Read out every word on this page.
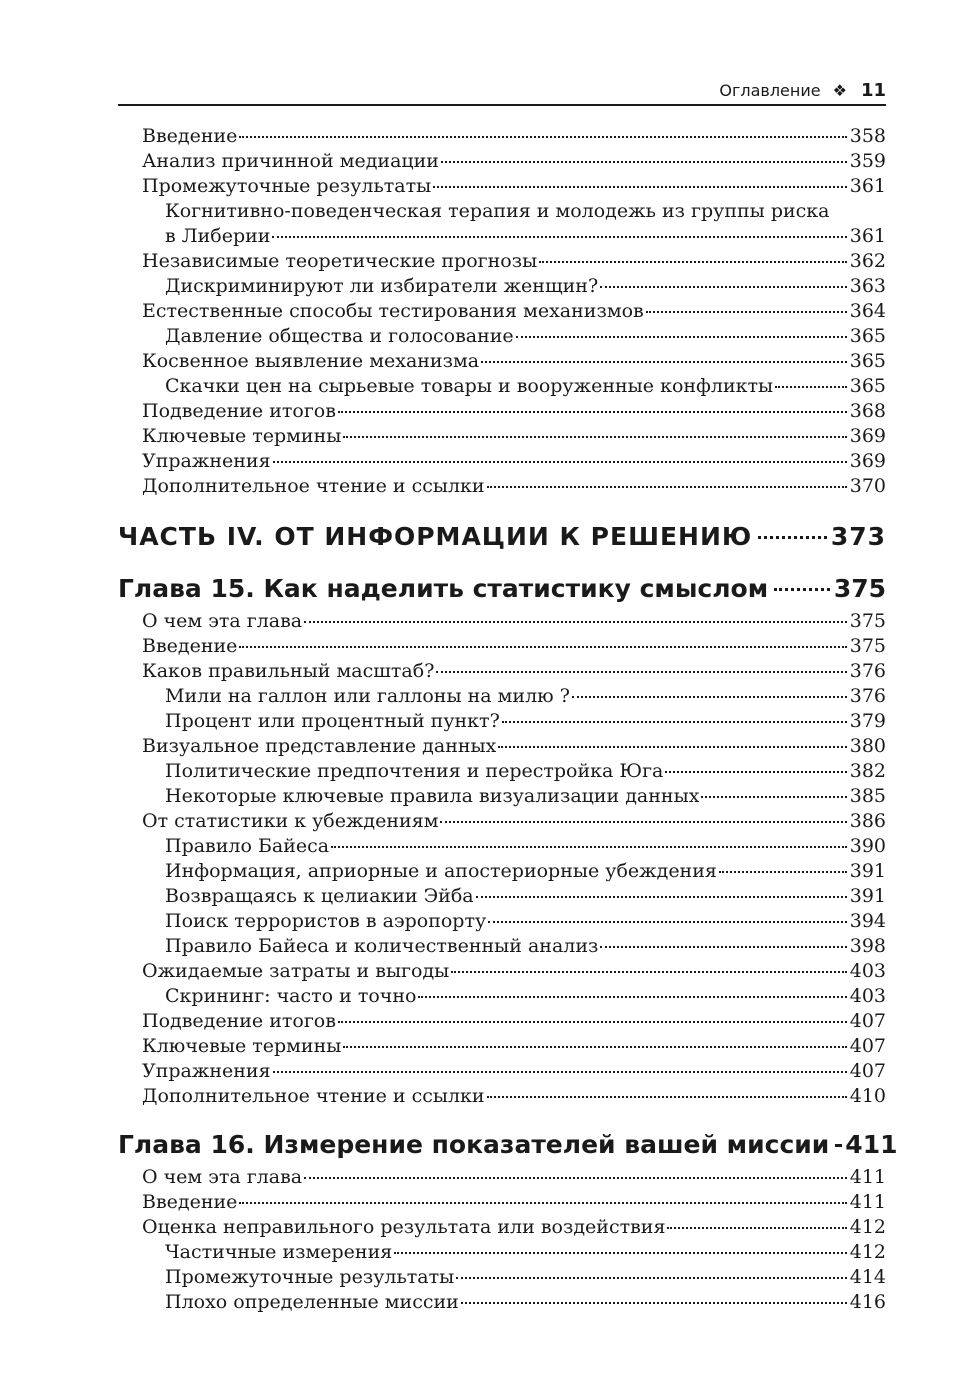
Оглавление ❖ 11
Введение	358
Анализ причинной медиации	359
Промежуточные результаты	361
Когнитивно-поведенческая терапия и молодежь из группы риска
в Либерии	361
Независимые теоретические прогнозы	362
Дискриминируют ли избиратели женщин?	363
Естественные способы тестирования механизмов	364
Давление общества и голосование	365
Косвенное выявление механизма	365
Скачки цен на сырьевые товары и вооруженные конфликты	365
Подведение итогов	368
Ключевые термины	369
Упражнения	369
Дополнительное чтение и ссылки	370
ЧАСТЬ IV. ОТ ИНФОРМАЦИИ К РЕШЕНИЮ	373
Глава 15. Как наделить статистику смыслом	375
О чем эта глава	375
Введение	375
Каков правильный масштаб?	376
Мили на галлон или галлоны на милю ?	376
Процент или процентный пункт?	379
Визуальное представление данных	380
Политические предпочтения и перестройка Юга	382
Некоторые ключевые правила визуализации данных	385
От статистики к убеждениям	386
Правило Байеса	390
Информация, априорные и апостериорные убеждения	391
Возвращаясь к целиакии Эйба	391
Поиск террористов в аэропорту	394
Правило Байеса и количественный анализ	398
Ожидаемые затраты и выгоды	403
Скрининг: часто и точно	403
Подведение итогов	407
Ключевые термины	407
Упражнения	407
Дополнительное чтение и ссылки	410
Глава 16. Измерение показателей вашей миссии 411
О чем эта глава	411
Введение	411
Оценка неправильного результата или воздействия	412
Частичные измерения	412
Промежуточные результаты	414
Плохо определенные миссии	416
